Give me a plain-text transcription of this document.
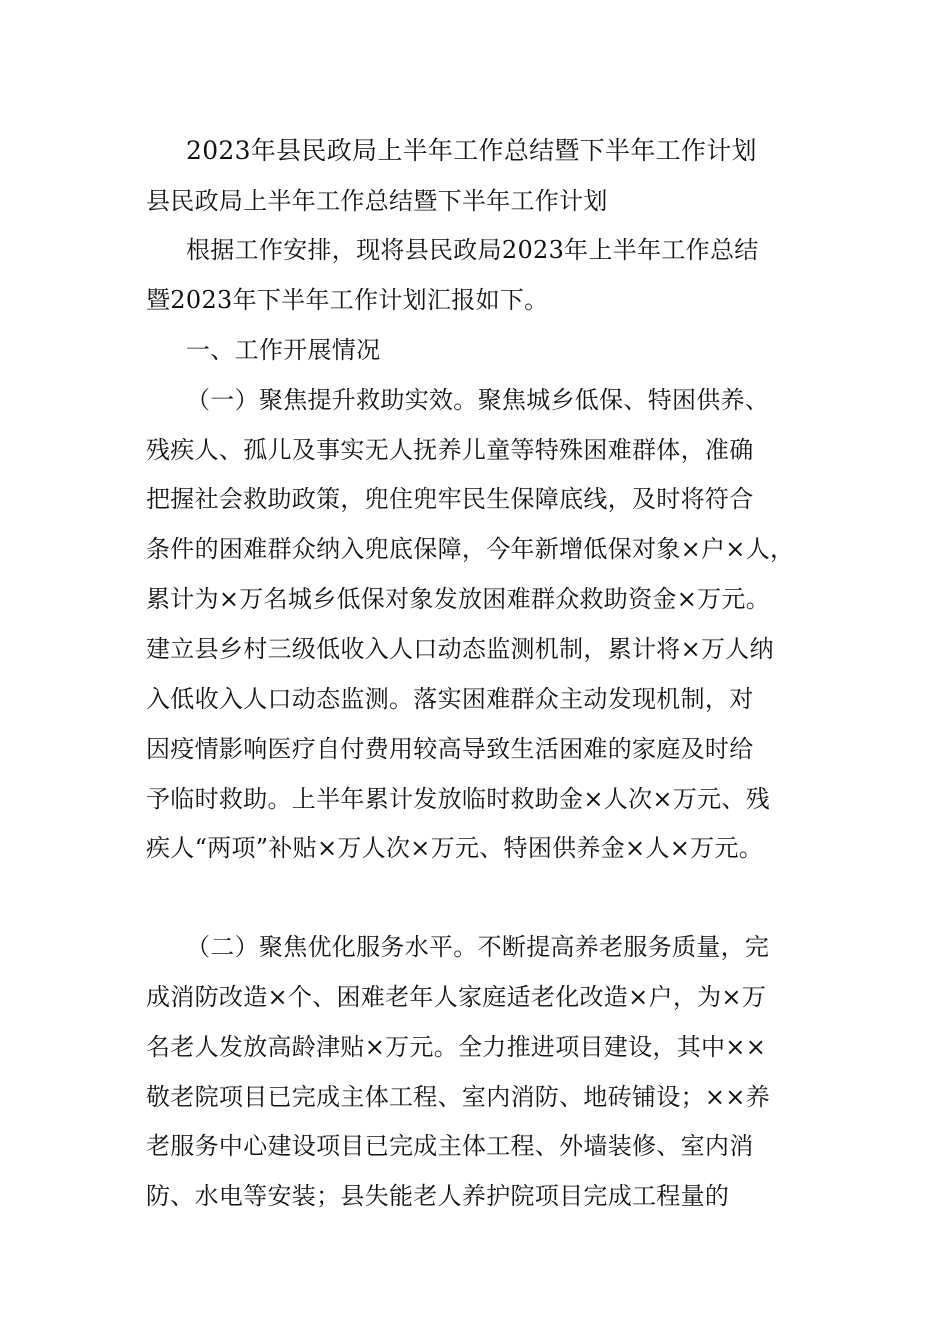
2023年县民政局上半年工作总结暨下半年工作计划
县民政局上半年工作总结暨下半年工作计划
根据工作安排，现将县民政局2023年上半年工作总结
暨2023年下半年工作计划汇报如下。
一、工作开展情况
（一）聚焦提升救助实效。聚焦城乡低保、特困供养、
残疾人、孤儿及事实无人抚养儿童等特殊困难群体，准确
把握社会救助政策，兜住兜牢民生保障底线，及时将符合
条件的困难群众纳入兜底保障，今年新增低保对象×户×人，
累计为×万名城乡低保对象发放困难群众救助资金×万元。
建立县乡村三级低收入人口动态监测机制，累计将×万人纳
入低收入人口动态监测。落实困难群众主动发现机制，对
因疫情影响医疗自付费用较高导致生活困难的家庭及时给
予临时救助。上半年累计发放临时救助金×人次×万元、残
疾人“两项”补贴×万人次×万元、特困供养金×人×万元。
（二）聚焦优化服务水平。不断提高养老服务质量，完
成消防改造×个、困难老年人家庭适老化改造×户，为×万
名老人发放高龄津贴×万元。全力推进项目建设，其中××
敬老院项目已完成主体工程、室内消防、地砖铺设；××养
老服务中心建设项目已完成主体工程、外墙装修、室内消
防、水电等安装；县失能老人养护院项目完成工程量的
